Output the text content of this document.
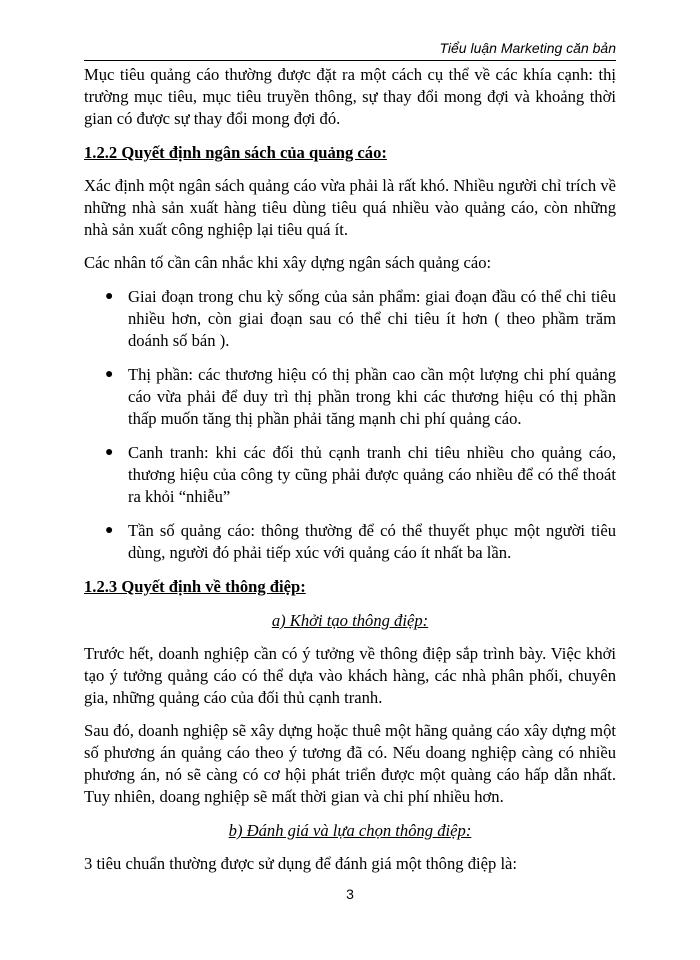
Tiểu luận Marketing căn bản

Mục tiêu quảng cáo thường được đặt ra một cách cụ thể về các khía cạnh: thị trường mục tiêu, mục tiêu truyền thông, sự thay đổi mong đợi và khoảng thời gian có được sự thay đổi mong đợi đó.

1.2.2 Quyết định ngân sách của quảng cáo:

Xác định một ngân sách quảng cáo vừa phải là rất khó. Nhiều người chỉ trích về những nhà sản xuất hàng tiêu dùng tiêu quá nhiều vào quảng cáo, còn những nhà sản xuất công nghiệp lại tiêu quá ít.

Các nhân tố cần cân nhắc khi xây dựng ngân sách quảng cáo:

● Giai đoạn trong chu kỳ sống của sản phẩm: giai đoạn đầu có thể chi tiêu nhiều hơn, còn giai đoạn sau có thể chi tiêu ít hơn ( theo phầm trăm doánh số bán ).
● Thị phần: các thương hiệu có thị phần cao cần một lượng chi phí quảng cáo vừa phải để duy trì thị phần trong khi các thương hiệu có thị phần thấp muốn tăng thị phần phải tăng mạnh chi phí quảng cáo.
● Canh tranh: khi các đối thủ cạnh tranh chi tiêu nhiều cho quảng cáo, thương hiệu của công ty cũng phải được quảng cáo nhiều để có thể thoát ra khỏi “nhiễu”
● Tần số quảng cáo: thông thường để có thể thuyết phục một người tiêu dùng, người đó phải tiếp xúc với quảng cáo ít nhất ba lần.
1.2.3 Quyết định về thông điệp:
a) Khởi tạo thông điệp:

Trước hết, doanh nghiệp cần có ý tưởng về thông điệp sắp trình bày. Việc khởi tạo ý tưởng quảng cáo có thể dựa vào khách hàng, các nhà phân phối, chuyên gia, những quảng cáo của đối thủ cạnh tranh.

Sau đó, doanh nghiệp sẽ xây dựng hoặc thuê một hãng quảng cáo xây dựng một số phương án quảng cáo theo ý tương đã có. Nếu doang nghiệp càng có nhiều phương án, nó sẽ càng có cơ hội phát triển được một quàng cáo hấp dẫn nhất. Tuy nhiên, doang nghiệp sẽ mất thời gian và chi phí nhiều hơn.

b) Đánh giá và lựa chọn thông điệp:

3 tiêu chuẩn thường được sử dụng để đánh giá một thông điệp là:

3
